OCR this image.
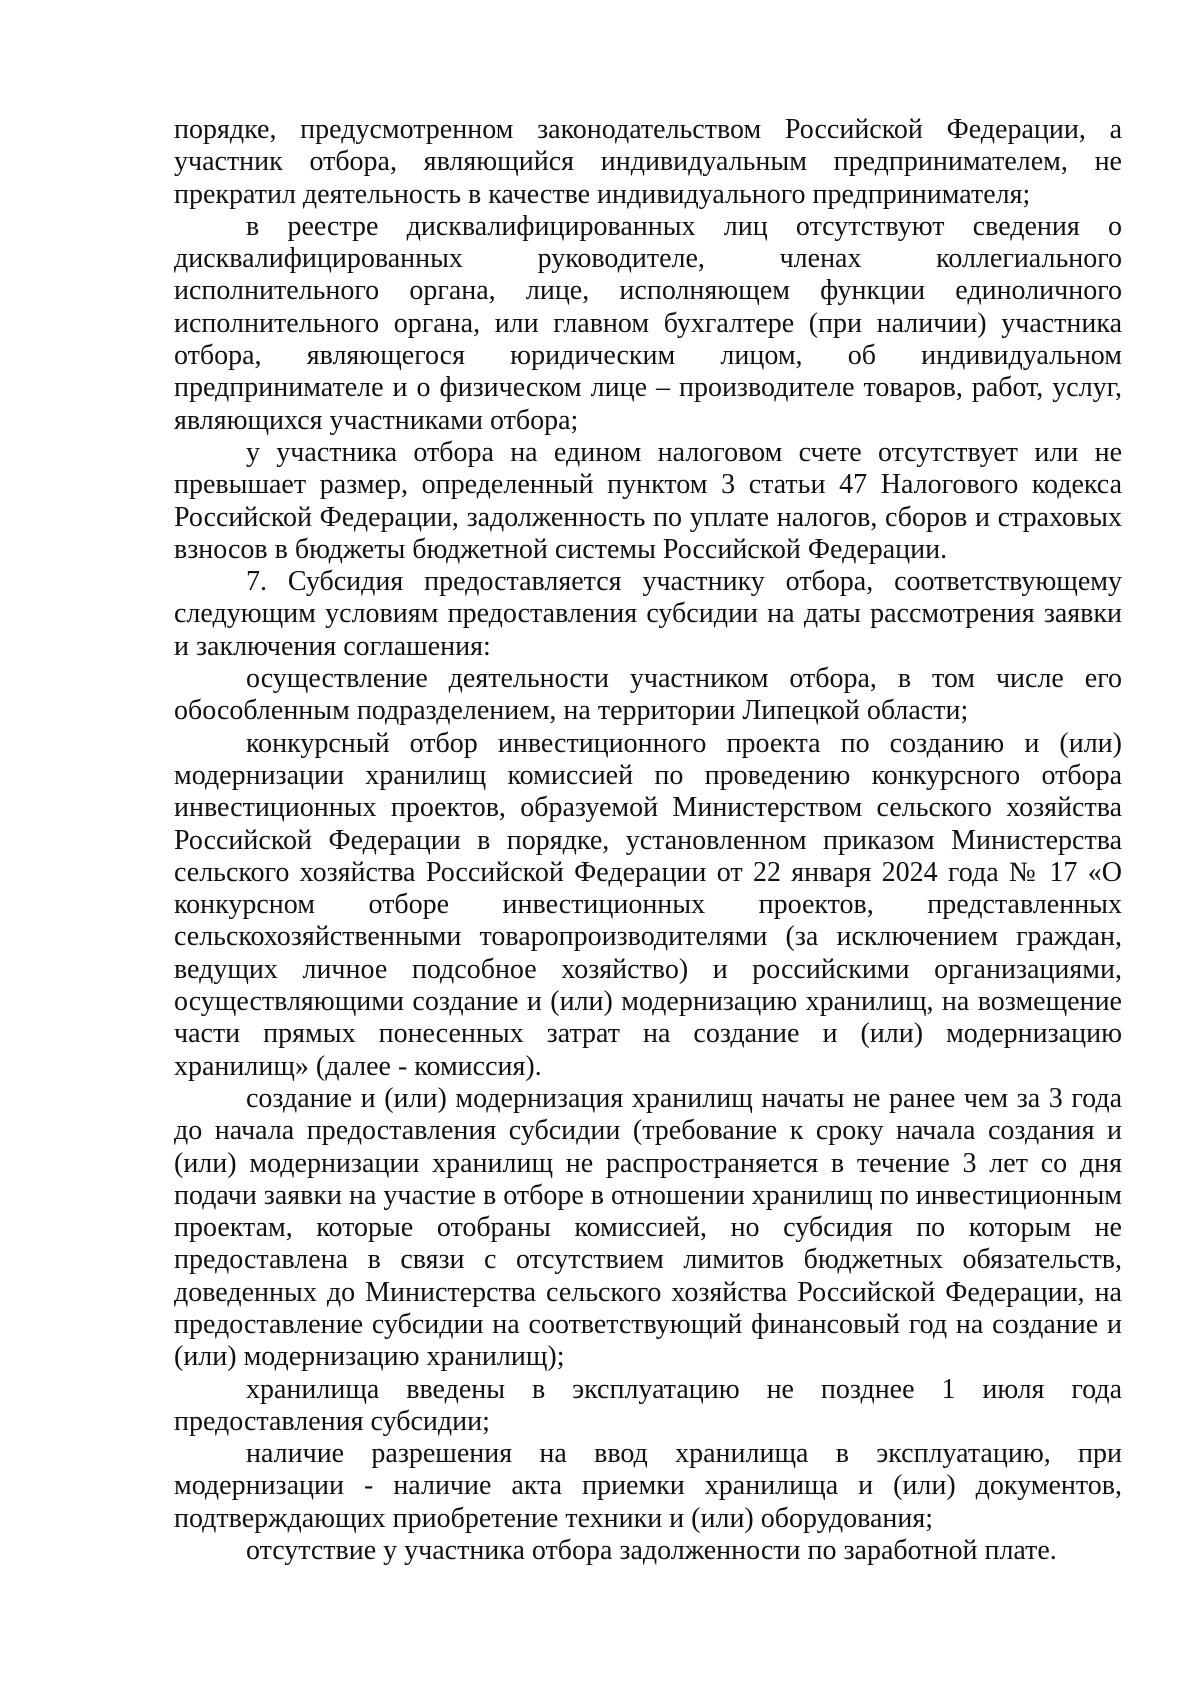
порядке, предусмотренном законодательством Российской Федерации, а участник отбора, являющийся индивидуальным предпринимателем, не прекратил деятельность в качестве индивидуального предпринимателя;

в реестре дисквалифицированных лиц отсутствуют сведения о дисквалифицированных руководителе, членах коллегиального исполнительного органа, лице, исполняющем функции единоличного исполнительного органа, или главном бухгалтере (при наличии) участника отбора, являющегося юридическим лицом, об индивидуальном предпринимателе и о физическом лице – производителе товаров, работ, услуг, являющихся участниками отбора;

у участника отбора на едином налоговом счете отсутствует или не превышает размер, определенный пунктом 3 статьи 47 Налогового кодекса Российской Федерации, задолженность по уплате налогов, сборов и страховых взносов в бюджеты бюджетной системы Российской Федерации.

7. Субсидия предоставляется участнику отбора, соответствующему следующим условиям предоставления субсидии на даты рассмотрения заявки и заключения соглашения:

осуществление деятельности участником отбора, в том числе его обособленным подразделением, на территории Липецкой области;

конкурсный отбор инвестиционного проекта по созданию и (или) модернизации хранилищ комиссией по проведению конкурсного отбора инвестиционных проектов, образуемой Министерством сельского хозяйства Российской Федерации в порядке, установленном приказом Министерства сельского хозяйства Российской Федерации от 22 января 2024 года № 17 «О конкурсном отборе инвестиционных проектов, представленных сельскохозяйственными товаропроизводителями (за исключением граждан, ведущих личное подсобное хозяйство) и российскими организациями, осуществляющими создание и (или) модернизацию хранилищ, на возмещение части прямых понесенных затрат на создание и (или) модернизацию хранилищ» (далее - комиссия).

создание и (или) модернизация хранилищ начаты не ранее чем за 3 года до начала предоставления субсидии (требование к сроку начала создания и (или) модернизации хранилищ не распространяется в течение 3 лет со дня подачи заявки на участие в отборе в отношении хранилищ по инвестиционным проектам, которые отобраны комиссией, но субсидия по которым не предоставлена в связи с отсутствием лимитов бюджетных обязательств, доведенных до Министерства сельского хозяйства Российской Федерации, на предоставление субсидии на соответствующий финансовый год на создание и (или) модернизацию хранилищ);

хранилища введены в эксплуатацию не позднее 1 июля года предоставления субсидии;

наличие разрешения на ввод хранилища в эксплуатацию, при модернизации - наличие акта приемки хранилища и (или) документов, подтверждающих приобретение техники и (или) оборудования;

отсутствие у участника отбора задолженности по заработной плате.
